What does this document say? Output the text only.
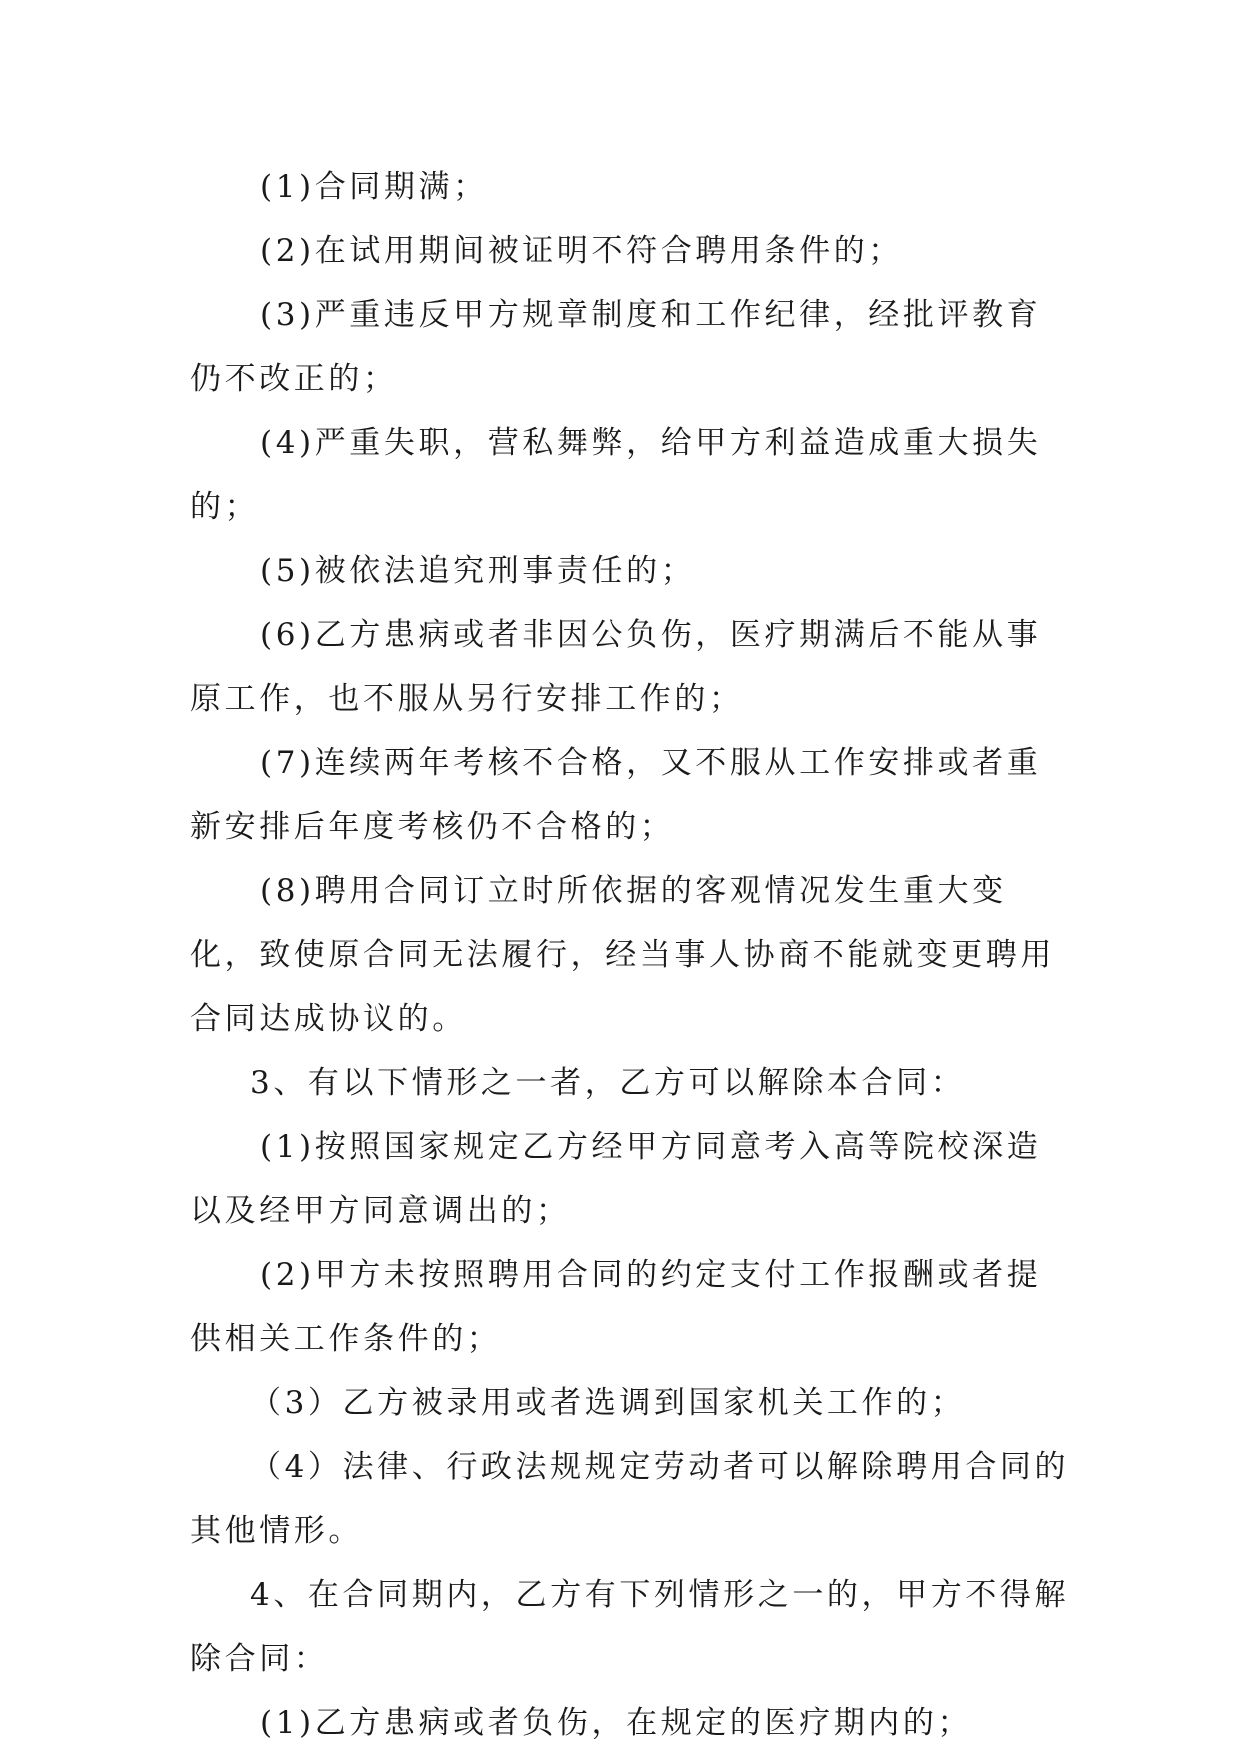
(1)合同期满；

(2)在试用期间被证明不符合聘用条件的；

(3)严重违反甲方规章制度和工作纪律，经批评教育仍不改正的；

(4)严重失职，营私舞弊，给甲方利益造成重大损失的；

(5)被依法追究刑事责任的；

(6)乙方患病或者非因公负伤，医疗期满后不能从事原工作，也不服从另行安排工作的；

(7)连续两年考核不合格，又不服从工作安排或者重新安排后年度考核仍不合格的；

(8)聘用合同订立时所依据的客观情况发生重大变化，致使原合同无法履行，经当事人协商不能就变更聘用合同达成协议的。

3、有以下情形之一者，乙方可以解除本合同：

(1)按照国家规定乙方经甲方同意考入高等院校深造以及经甲方同意调出的；

(2)甲方未按照聘用合同的约定支付工作报酬或者提供相关工作条件的；

（3）乙方被录用或者选调到国家机关工作的；

（4）法律、行政法规规定劳动者可以解除聘用合同的其他情形。

4、在合同期内，乙方有下列情形之一的，甲方不得解除合同：

(1)乙方患病或者负伤，在规定的医疗期内的；
